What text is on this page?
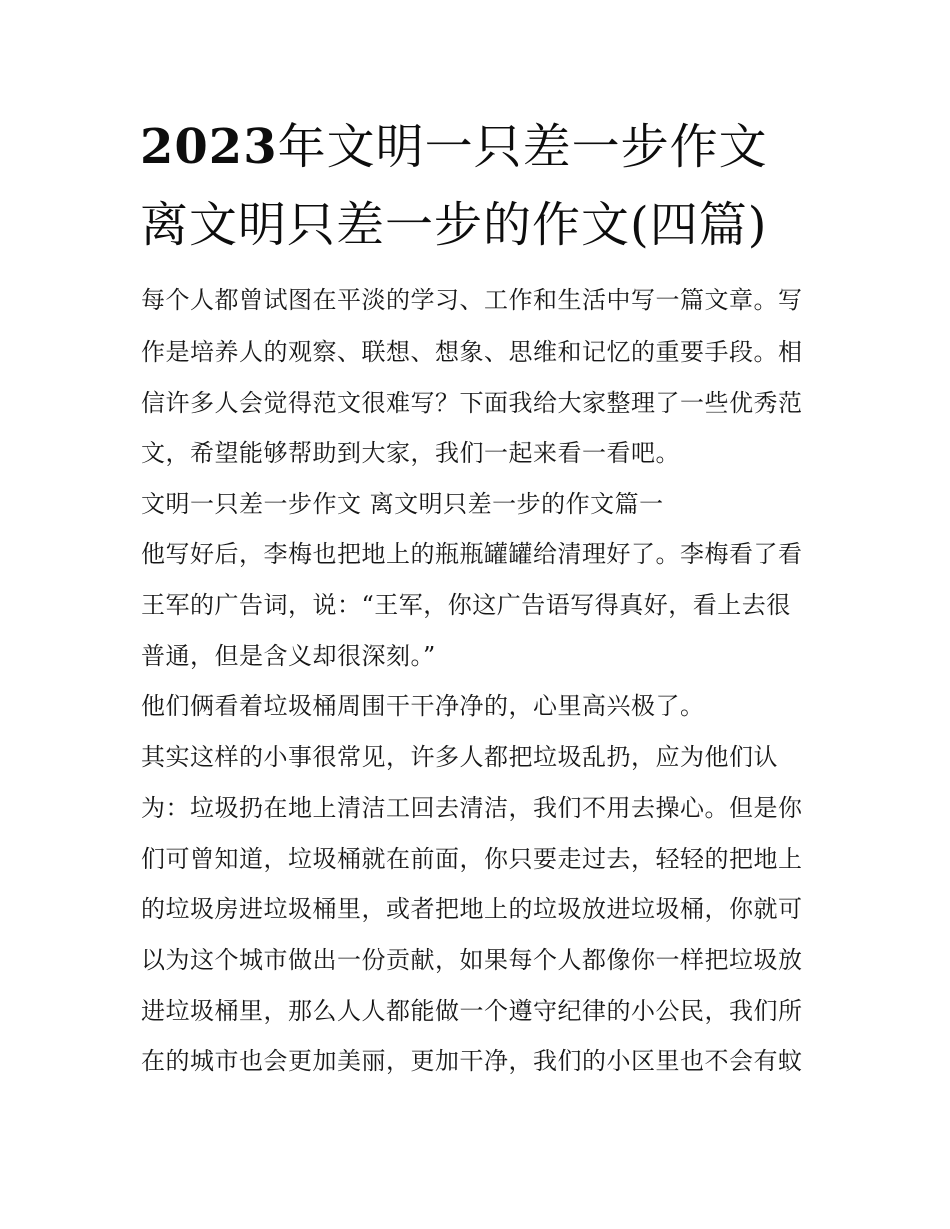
2023年文明一只差一步作文
离文明只差一步的作文(四篇)

每个人都曾试图在平淡的学习、工作和生活中写一篇文章。写

作是培养人的观察、联想、想象、思维和记忆的重要手段。相

信许多人会觉得范文很难写？下面我给大家整理了一些优秀范

文，希望能够帮助到大家，我们一起来看一看吧。

文明一只差一步作文 离文明只差一步的作文篇一

他写好后，李梅也把地上的瓶瓶罐罐给清理好了。李梅看了看

王军的广告词，说：“王军，你这广告语写得真好，看上去很

普通，但是含义却很深刻。”

他们俩看着垃圾桶周围干干净净的，心里高兴极了。

其实这样的小事很常见，许多人都把垃圾乱扔，应为他们认

为：垃圾扔在地上清洁工回去清洁，我们不用去操心。但是你

们可曾知道，垃圾桶就在前面，你只要走过去，轻轻的把地上

的垃圾房进垃圾桶里，或者把地上的垃圾放进垃圾桶，你就可

以为这个城市做出一份贡献，如果每个人都像你一样把垃圾放

进垃圾桶里，那么人人都能做一个遵守纪律的小公民，我们所

在的城市也会更加美丽，更加干净，我们的小区里也不会有蚊
